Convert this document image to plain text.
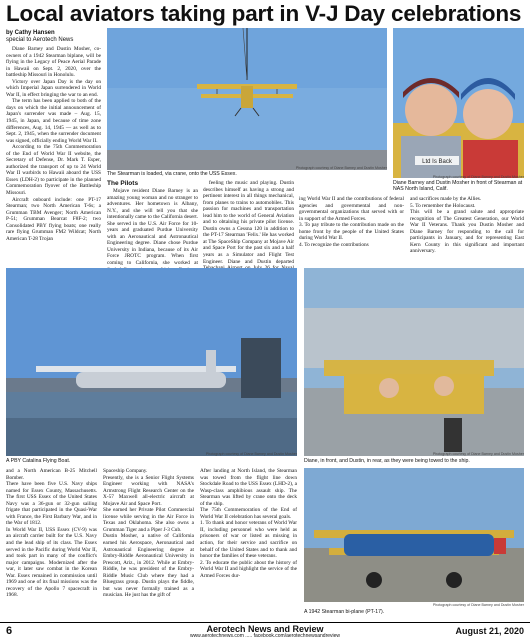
Local aviators taking part in V-J Day celebrations
by Cathy Hansen
special to Aerotech News

Diane Barney and Dustin Mosher, co-owners of a 1942 Stearman biplane, will be flying in the Legacy of Peace Aerial Parade in Hawaii on Sept. 2, 2020, over the battleship Missouri in Honolulu.

Victory over Japan Day is the day on which Imperial Japan surrendered in World War II, in effect bringing the war to an end.

The term has been applied to both of the days on which the initial announcement of Japan's surrender was made – Aug. 15, 1945, in Japan, and because of time zone differences, Aug. 14, 1945 — as well as to Sept. 2, 1945, when the surrender document was signed, officially ending World War II.

According to the 75th Commemoration of the End of World War II website, the Secretary of Defense, Dr. Mark T. Esper, authorized the transport of up to 24 World War II warbirds to Hawaii aboard the USS Essex (LDH-2) to participate in the planned Commemoration flyover of the Battleship Missouri.

Aircraft onboard include: one PT-17 Stearman; two North American T-6s; a Grumman TBM Avenger; North American P-51; Grumman Bearcat F8F-2; two Consolidated PBY flying boats; one really rare flying Grumman FM2 Wildcat; North American T-28 Trojan

Photograph courtesy of Diane Barney and Dustin Mosher
The Stearman is loaded, via crane, onto the USS Essex.
Ltd Is Back
Photograph courtesy of Diane Barney and Dustin Mosher
Diane Barney and Dustin Mosher in front of Stearman at NAS North Island, Calif.
The Pilots

Mojave resident Diane Barney is an amazing young woman and no stranger to adventures. Her hometown is Albany, N.Y., and she will tell you that she intentionally came to the California desert. She served in the U.S. Air Force for 10-years and graduated Purdue University with an Aeronautical and Astronautical Engineering degree. Diane chose Purdue University in Indiana, because of its Air Force JROTC program. When first coming to California, she worked at

feeling the music and playing. Dustin describes himself as having a strong and pertinent interest in all things mechanical, from planes to trains to automobiles. This passion for machines and transportation lead him to the world of General Aviation and to obtaining his private pilot license. Dustin owns a Cessna 120 in addition to the PT-17 Stearman 'Felix.' He has worked at The SpaceShip Company at Mojave Air and Space Port for the past six and a half years as a Simulator and Flight Test Engineer. Diane and Dustin departed

ing World War II and the contributions of federal agencies and governmental and non-governmental organizations that served with or in support of the Armed Forces.
3. To pay tribute to the contribution made on the home front by the people of the United States during World War II.
4. To recognize the contributions
and sacrifices made by the Allies.
5. To remember the Holocaust.
This will be a grand salute and appropriate recognition of The Greatest Generation, our World War II Veterans. Thank you Dustin Mosher and Diane Barney for responding to the call for participants in January, and for representing East Kern County in this significant and important anniversary.
Photograph courtesy of Diane Barney and Dustin Mosher
A PBY Catalina Flying Boat.
Photograph courtesy of Diane Barney and Dustin Mosher
Diane, in front, and Dustin, in rear, as they were being towed to the ship.
and a North American B-25 Mitchell Bomber.
There have been five U.S. Navy ships named for Essex County, Massachusetts. The first USS Essex of the United States Navy was a 36-gun or 32-gun sailing frigate that participated in the Quasi-War with France, the First Barbary War, and in the War of 1812.
In World War II, USS Essex (CV-9) was an aircraft carrier built for the U.S. Navy and the lead ship of its class. The Essex served in the Pacific during World War II, and took part in many of the conflict's major campaigns. Modernized after the war, it later saw combat in the Korean War. Essex remained in commission until 1969 and one of its final missions was the recovery of the Apollo 7 spacecraft in 1968.
Spaceship Company.
Presently, she is a Senior Flight Systems Engineer working with NASA's Armstrong Flight Research Center on the X-57 Maxwell all-electric aircraft at Mojave Air and Space Port.
She earned her Private Pilot Commercial license while serving in the Air Force in Texas and Oklahoma. She also owns a Grumman Tiger and a Piper J-3 Cub.
Dustin Mosher, a native of California earned his Aerospace, Aeronautical and Astronautical Engineering degree at Embry-Riddle Aeronautical University in Prescott, Ariz., in 2012. While at Embry-Riddle, he was president of the Embry-Riddle Music Club where they had a Bluegrass group. Dustin plays the fiddle, but was never formally trained as a musician. He just has the gift of
After landing at North Island, the Stearman was towed from the flight line down Stockdale Road to the USS Essex (LHD-2), a Wasp-class amphibious assault ship. The Stearman was lifted by crane onto the deck of the ship.
The 75th Commemoration of the End of World War II celebration has several goals.
1. To thank and honor veterans of World War II, including personnel who were held as prisoners of war or listed as missing in action, for their service and sacrifice on behalf of the United States and to thank and honor the families of these veterans.
2. To educate the public about the history of World War II and highlight the service of the Armed Forces dur-
Photograph courtesy of Diane Barney and Dustin Mosher
A 1942 Stearman bi-plane (PT-17).
6	Aerotech News and Review
www.aerotechnews.com ..... facebook.com/aerotechnewsandreview	August 21, 2020
